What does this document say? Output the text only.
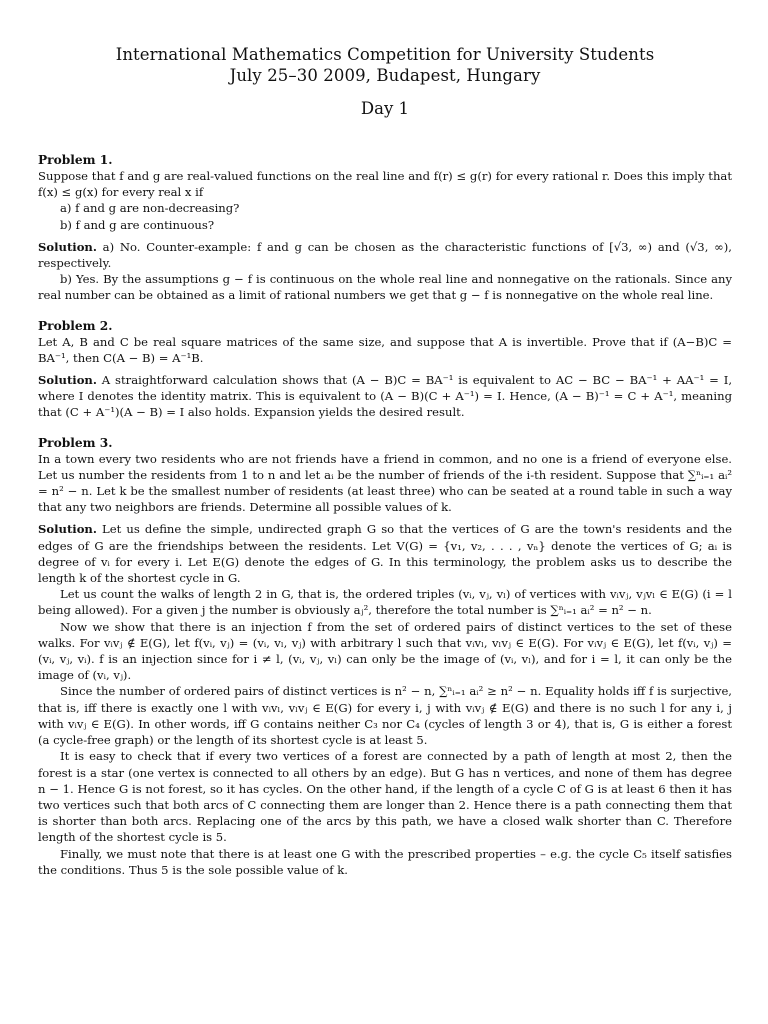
International Mathematics Competition for University Students
July 25–30 2009, Budapest, Hungary
Day 1

Problem 1.

Suppose that f and g are real-valued functions on the real line and f(r) ≤ g(r) for every rational r. Does this imply that f(x) ≤ g(x) for every real x if

a) f and g are non-decreasing?

b) f and g are continuous?

Solution. a) No. Counter-example: f and g can be chosen as the characteristic functions of [√3, ∞) and (√3, ∞), respectively.

b) Yes. By the assumptions g − f is continuous on the whole real line and nonnegative on the rationals. Since any real number can be obtained as a limit of rational numbers we get that g − f is nonnegative on the whole real line.

Problem 2.

Let A, B and C be real square matrices of the same size, and suppose that A is invertible. Prove that if (A−B)C = BA⁻¹, then C(A − B) = A⁻¹B.

Solution. A straightforward calculation shows that (A − B)C = BA⁻¹ is equivalent to AC − BC − BA⁻¹ + AA⁻¹ = I, where I denotes the identity matrix. This is equivalent to (A − B)(C + A⁻¹) = I. Hence, (A − B)⁻¹ = C + A⁻¹, meaning that (C + A⁻¹)(A − B) = I also holds. Expansion yields the desired result.

Problem 3.

In a town every two residents who are not friends have a friend in common, and no one is a friend of everyone else. Let us number the residents from 1 to n and let aᵢ be the number of friends of the i-th resident. Suppose that ∑ⁿᵢ₌₁ aᵢ² = n² − n. Let k be the smallest number of residents (at least three) who can be seated at a round table in such a way that any two neighbors are friends. Determine all possible values of k.

Solution. Let us define the simple, undirected graph G so that the vertices of G are the town's residents and the edges of G are the friendships between the residents. Let V(G) = {v₁, v₂, . . . , vₙ} denote the vertices of G; aᵢ is degree of vᵢ for every i. Let E(G) denote the edges of G. In this terminology, the problem asks us to describe the length k of the shortest cycle in G.

Let us count the walks of length 2 in G, that is, the ordered triples (vᵢ, vⱼ, vₗ) of vertices with vᵢvⱼ, vⱼvₗ ∈ E(G) (i = l being allowed). For a given j the number is obviously aⱼ², therefore the total number is ∑ⁿᵢ₌₁ aᵢ² = n² − n.

Now we show that there is an injection f from the set of ordered pairs of distinct vertices to the set of these walks. For vᵢvⱼ ∉ E(G), let f(vᵢ, vⱼ) = (vᵢ, vₗ, vⱼ) with arbitrary l such that vᵢvₗ, vₗvⱼ ∈ E(G). For vᵢvⱼ ∈ E(G), let f(vᵢ, vⱼ) = (vᵢ, vⱼ, vᵢ). f is an injection since for i ≠ l, (vᵢ, vⱼ, vₗ) can only be the image of (vᵢ, vₗ), and for i = l, it can only be the image of (vᵢ, vⱼ).

Since the number of ordered pairs of distinct vertices is n² − n, ∑ⁿᵢ₌₁ aᵢ² ≥ n² − n. Equality holds iff f is surjective, that is, iff there is exactly one l with vᵢvₗ, vₗvⱼ ∈ E(G) for every i, j with vᵢvⱼ ∉ E(G) and there is no such l for any i, j with vᵢvⱼ ∈ E(G). In other words, iff G contains neither C₃ nor C₄ (cycles of length 3 or 4), that is, G is either a forest (a cycle-free graph) or the length of its shortest cycle is at least 5.

It is easy to check that if every two vertices of a forest are connected by a path of length at most 2, then the forest is a star (one vertex is connected to all others by an edge). But G has n vertices, and none of them has degree n − 1. Hence G is not forest, so it has cycles. On the other hand, if the length of a cycle C of G is at least 6 then it has two vertices such that both arcs of C connecting them are longer than 2. Hence there is a path connecting them that is shorter than both arcs. Replacing one of the arcs by this path, we have a closed walk shorter than C. Therefore length of the shortest cycle is 5.

Finally, we must note that there is at least one G with the prescribed properties – e.g. the cycle C₅ itself satisfies the conditions. Thus 5 is the sole possible value of k.
